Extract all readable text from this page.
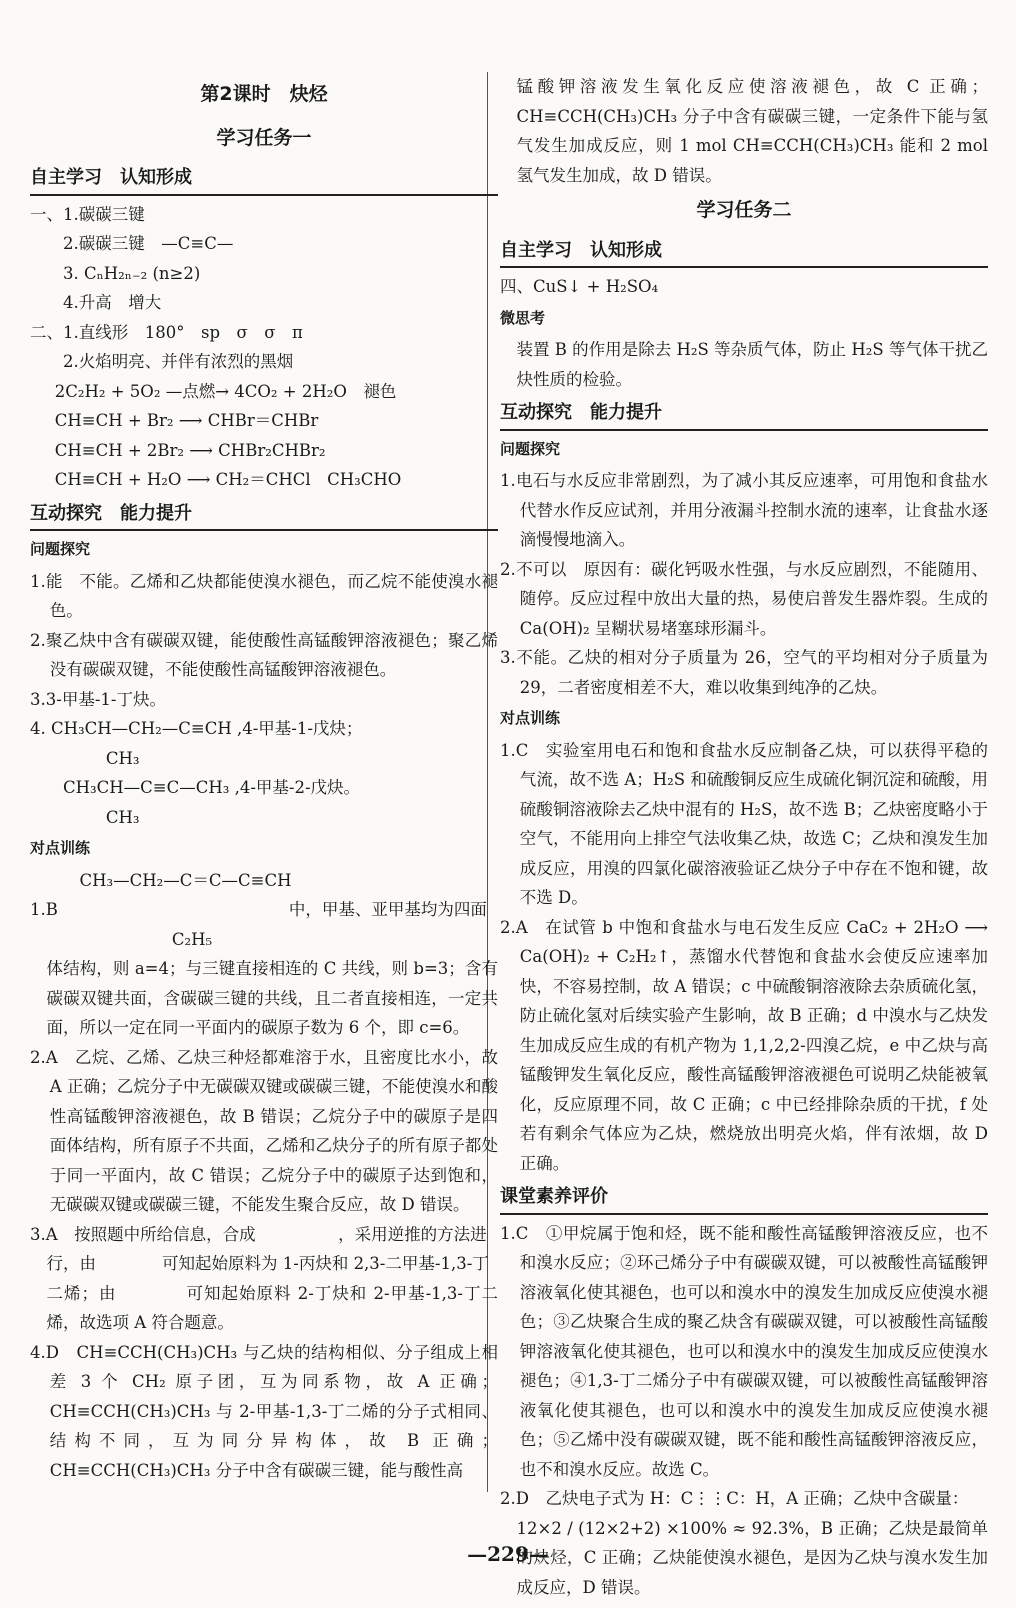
第2课时　炔烃
学习任务一
自主学习　认知形成

一、1.碳碳三键

2.碳碳三键　—C≡C—

3. CₙH₂ₙ₋₂ (n≥2)

4.升高　增大

二、1.直线形　180°　sp　σ　σ　π

2.火焰明亮、并伴有浓烈的黑烟

2C₂H₂ + 5O₂ —点燃→ 4CO₂ + 2H₂O　褪色

CH≡CH + Br₂ ⟶ CHBr＝CHBr

CH≡CH + 2Br₂ ⟶ CHBr₂CHBr₂

CH≡CH + H₂O ⟶ CH₂＝CHCl　CH₃CHO

互动探究　能力提升
问题探究

1.能　不能。乙烯和乙炔都能使溴水褪色，而乙烷不能使溴水褪色。

2.聚乙炔中含有碳碳双键，能使酸性高锰酸钾溶液褪色；聚乙烯没有碳碳双键，不能使酸性高锰酸钾溶液褪色。

3.3-甲基-1-丁炔。

4. CH₃CH—CH₂—C≡CH ,4-甲基-1-戊炔；

CH₃

CH₃CH—C≡C—CH₃ ,4-甲基-2-戊炔。

CH₃

对点训练

CH₃—CH₂—C＝C—C≡CH

1.B　　　　　　　　　　　　　　中，甲基、亚甲基均为四面

C₂H₅

体结构，则 a=4；与三键直接相连的 C 共线，则 b=3；含有碳碳双键共面，含碳碳三键的共线，且二者直接相连，一定共面，所以一定在同一平面内的碳原子数为 6 个，即 c=6。

2.A　乙烷、乙烯、乙炔三种烃都难溶于水，且密度比水小，故 A 正确；乙烷分子中无碳碳双键或碳碳三键，不能使溴水和酸性高锰酸钾溶液褪色，故 B 错误；乙烷分子中的碳原子是四面体结构，所有原子不共面，乙烯和乙炔分子的所有原子都处于同一平面内，故 C 错误；乙烷分子中的碳原子达到饱和，无碳碳双键或碳碳三键，不能发生聚合反应，故 D 错误。

3.A　按照题中所给信息，合成　　　　　，采用逆推的方法进

行，由　　　　可知起始原料为 1-丙炔和 2,3-二甲基-1,3-丁

二烯；由　　　　可知起始原料 2-丁炔和 2-甲基-1,3-丁二烯，故选项 A 符合题意。

4.D　CH≡CCH(CH₃)CH₃ 与乙炔的结构相似、分子组成上相差 3 个 CH₂ 原子团，互为同系物，故 A 正确；CH≡CCH(CH₃)CH₃ 与 2-甲基-1,3-丁二烯的分子式相同、结构不同，互为同分异构体，故 B 正确；CH≡CCH(CH₃)CH₃ 分子中含有碳碳三键，能与酸性高

锰酸钾溶液发生氧化反应使溶液褪色，故 C 正确；CH≡CCH(CH₃)CH₃ 分子中含有碳碳三键，一定条件下能与氢气发生加成反应，则 1 mol CH≡CCH(CH₃)CH₃ 能和 2 mol 氢气发生加成，故 D 错误。

学习任务二
自主学习　认知形成

四、CuS↓ + H₂SO₄

微思考

装置 B 的作用是除去 H₂S 等杂质气体，防止 H₂S 等气体干扰乙炔性质的检验。

互动探究　能力提升
问题探究

1.电石与水反应非常剧烈，为了减小其反应速率，可用饱和食盐水代替水作反应试剂，并用分液漏斗控制水流的速率，让食盐水逐滴慢慢地滴入。

2.不可以　原因有：碳化钙吸水性强，与水反应剧烈，不能随用、随停。反应过程中放出大量的热，易使启普发生器炸裂。生成的 Ca(OH)₂ 呈糊状易堵塞球形漏斗。

3.不能。乙炔的相对分子质量为 26，空气的平均相对分子质量为 29，二者密度相差不大，难以收集到纯净的乙炔。

对点训练

1.C　实验室用电石和饱和食盐水反应制备乙炔，可以获得平稳的气流，故不选 A；H₂S 和硫酸铜反应生成硫化铜沉淀和硫酸，用硫酸铜溶液除去乙炔中混有的 H₂S，故不选 B；乙炔密度略小于空气，不能用向上排空气法收集乙炔，故选 C；乙炔和溴发生加成反应，用溴的四氯化碳溶液验证乙炔分子中存在不饱和键，故不选 D。

2.A　在试管 b 中饱和食盐水与电石发生反应 CaC₂ + 2H₂O ⟶ Ca(OH)₂ + C₂H₂↑，蒸馏水代替饱和食盐水会使反应速率加快，不容易控制，故 A 错误；c 中硫酸铜溶液除去杂质硫化氢，防止硫化氢对后续实验产生影响，故 B 正确；d 中溴水与乙炔发生加成反应生成的有机产物为 1,1,2,2-四溴乙烷，e 中乙炔与高锰酸钾发生氧化反应，酸性高锰酸钾溶液褪色可说明乙炔能被氧化，反应原理不同，故 C 正确；c 中已经排除杂质的干扰，f 处若有剩余气体应为乙炔，燃烧放出明亮火焰，伴有浓烟，故 D 正确。

课堂素养评价

1.C　①甲烷属于饱和烃，既不能和酸性高锰酸钾溶液反应，也不和溴水反应；②环己烯分子中有碳碳双键，可以被酸性高锰酸钾溶液氧化使其褪色，也可以和溴水中的溴发生加成反应使溴水褪色；③乙炔聚合生成的聚乙炔含有碳碳双键，可以被酸性高锰酸钾溶液氧化使其褪色，也可以和溴水中的溴发生加成反应使溴水褪色；④1,3-丁二烯分子中有碳碳双键，可以被酸性高锰酸钾溶液氧化使其褪色，也可以和溴水中的溴发生加成反应使溴水褪色；⑤乙烯中没有碳碳双键，既不能和酸性高锰酸钾溶液反应，也不和溴水反应。故选 C。

2.D　乙炔电子式为 H：C⋮⋮C：H，A 正确；乙炔中含碳量：

12×2 / (12×2+2) ×100% ≈ 92.3%，B 正确；乙炔是最简单的炔烃，C 正确；乙炔能使溴水褪色，是因为乙炔与溴水发生加成反应，D 错误。

—229—
